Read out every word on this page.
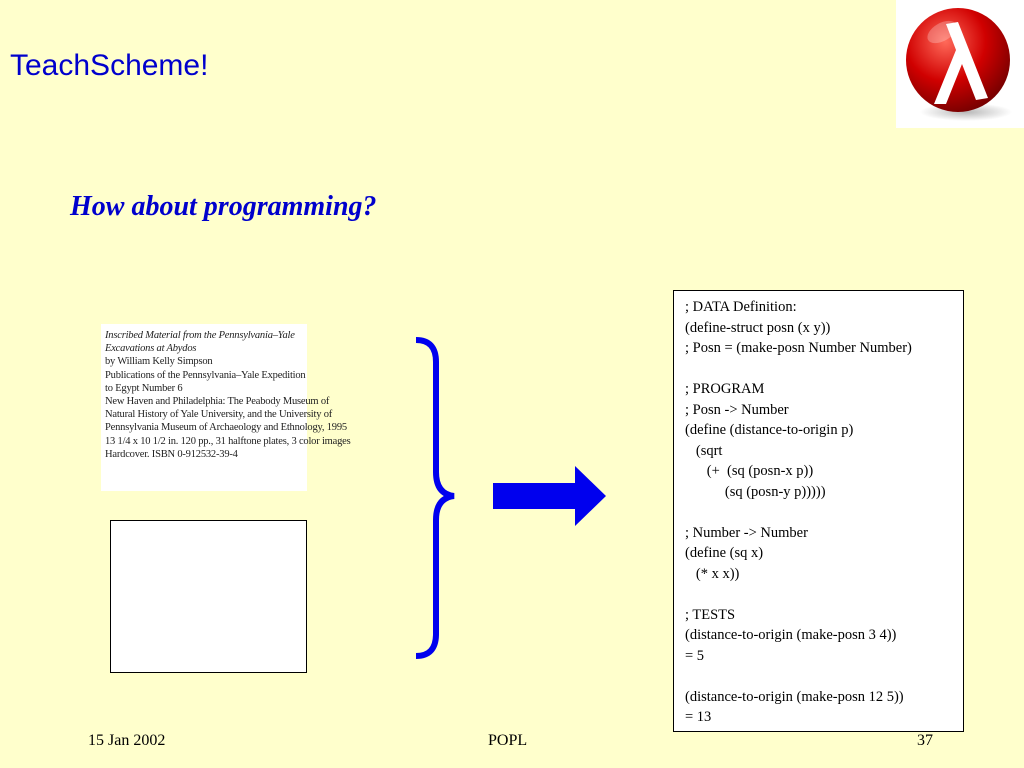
TeachScheme!
How about programming?
Inscribed Material from the Pennsylvania–Yale
Excavations at Abydos
by William Kelly Simpson
Publications of the Pennsylvania–Yale Expedition
to Egypt Number 6
New Haven and Philadelphia: The Peabody Museum of
Natural History of Yale University, and the University of
Pennsylvania Museum of Archaeology and Ethnology, 1995
13 1/4 x 10 1/2 in. 120 pp., 31 halftone plates, 3 color images
Hardcover. ISBN 0-912532-39-4
; DATA Definition:
(define-struct posn (x y))
; Posn = (make-posn Number Number)
; PROGRAM
; Posn -> Number
(define (distance-to-origin p)
(sqrt
(+  (sq (posn-x p))
(sq (posn-y p)))))
; Number -> Number
(define (sq x)
(* x x))
; TESTS
(distance-to-origin (make-posn 3 4))
= 5
(distance-to-origin (make-posn 12 5))
= 13
15 Jan 2002	POPL	37
